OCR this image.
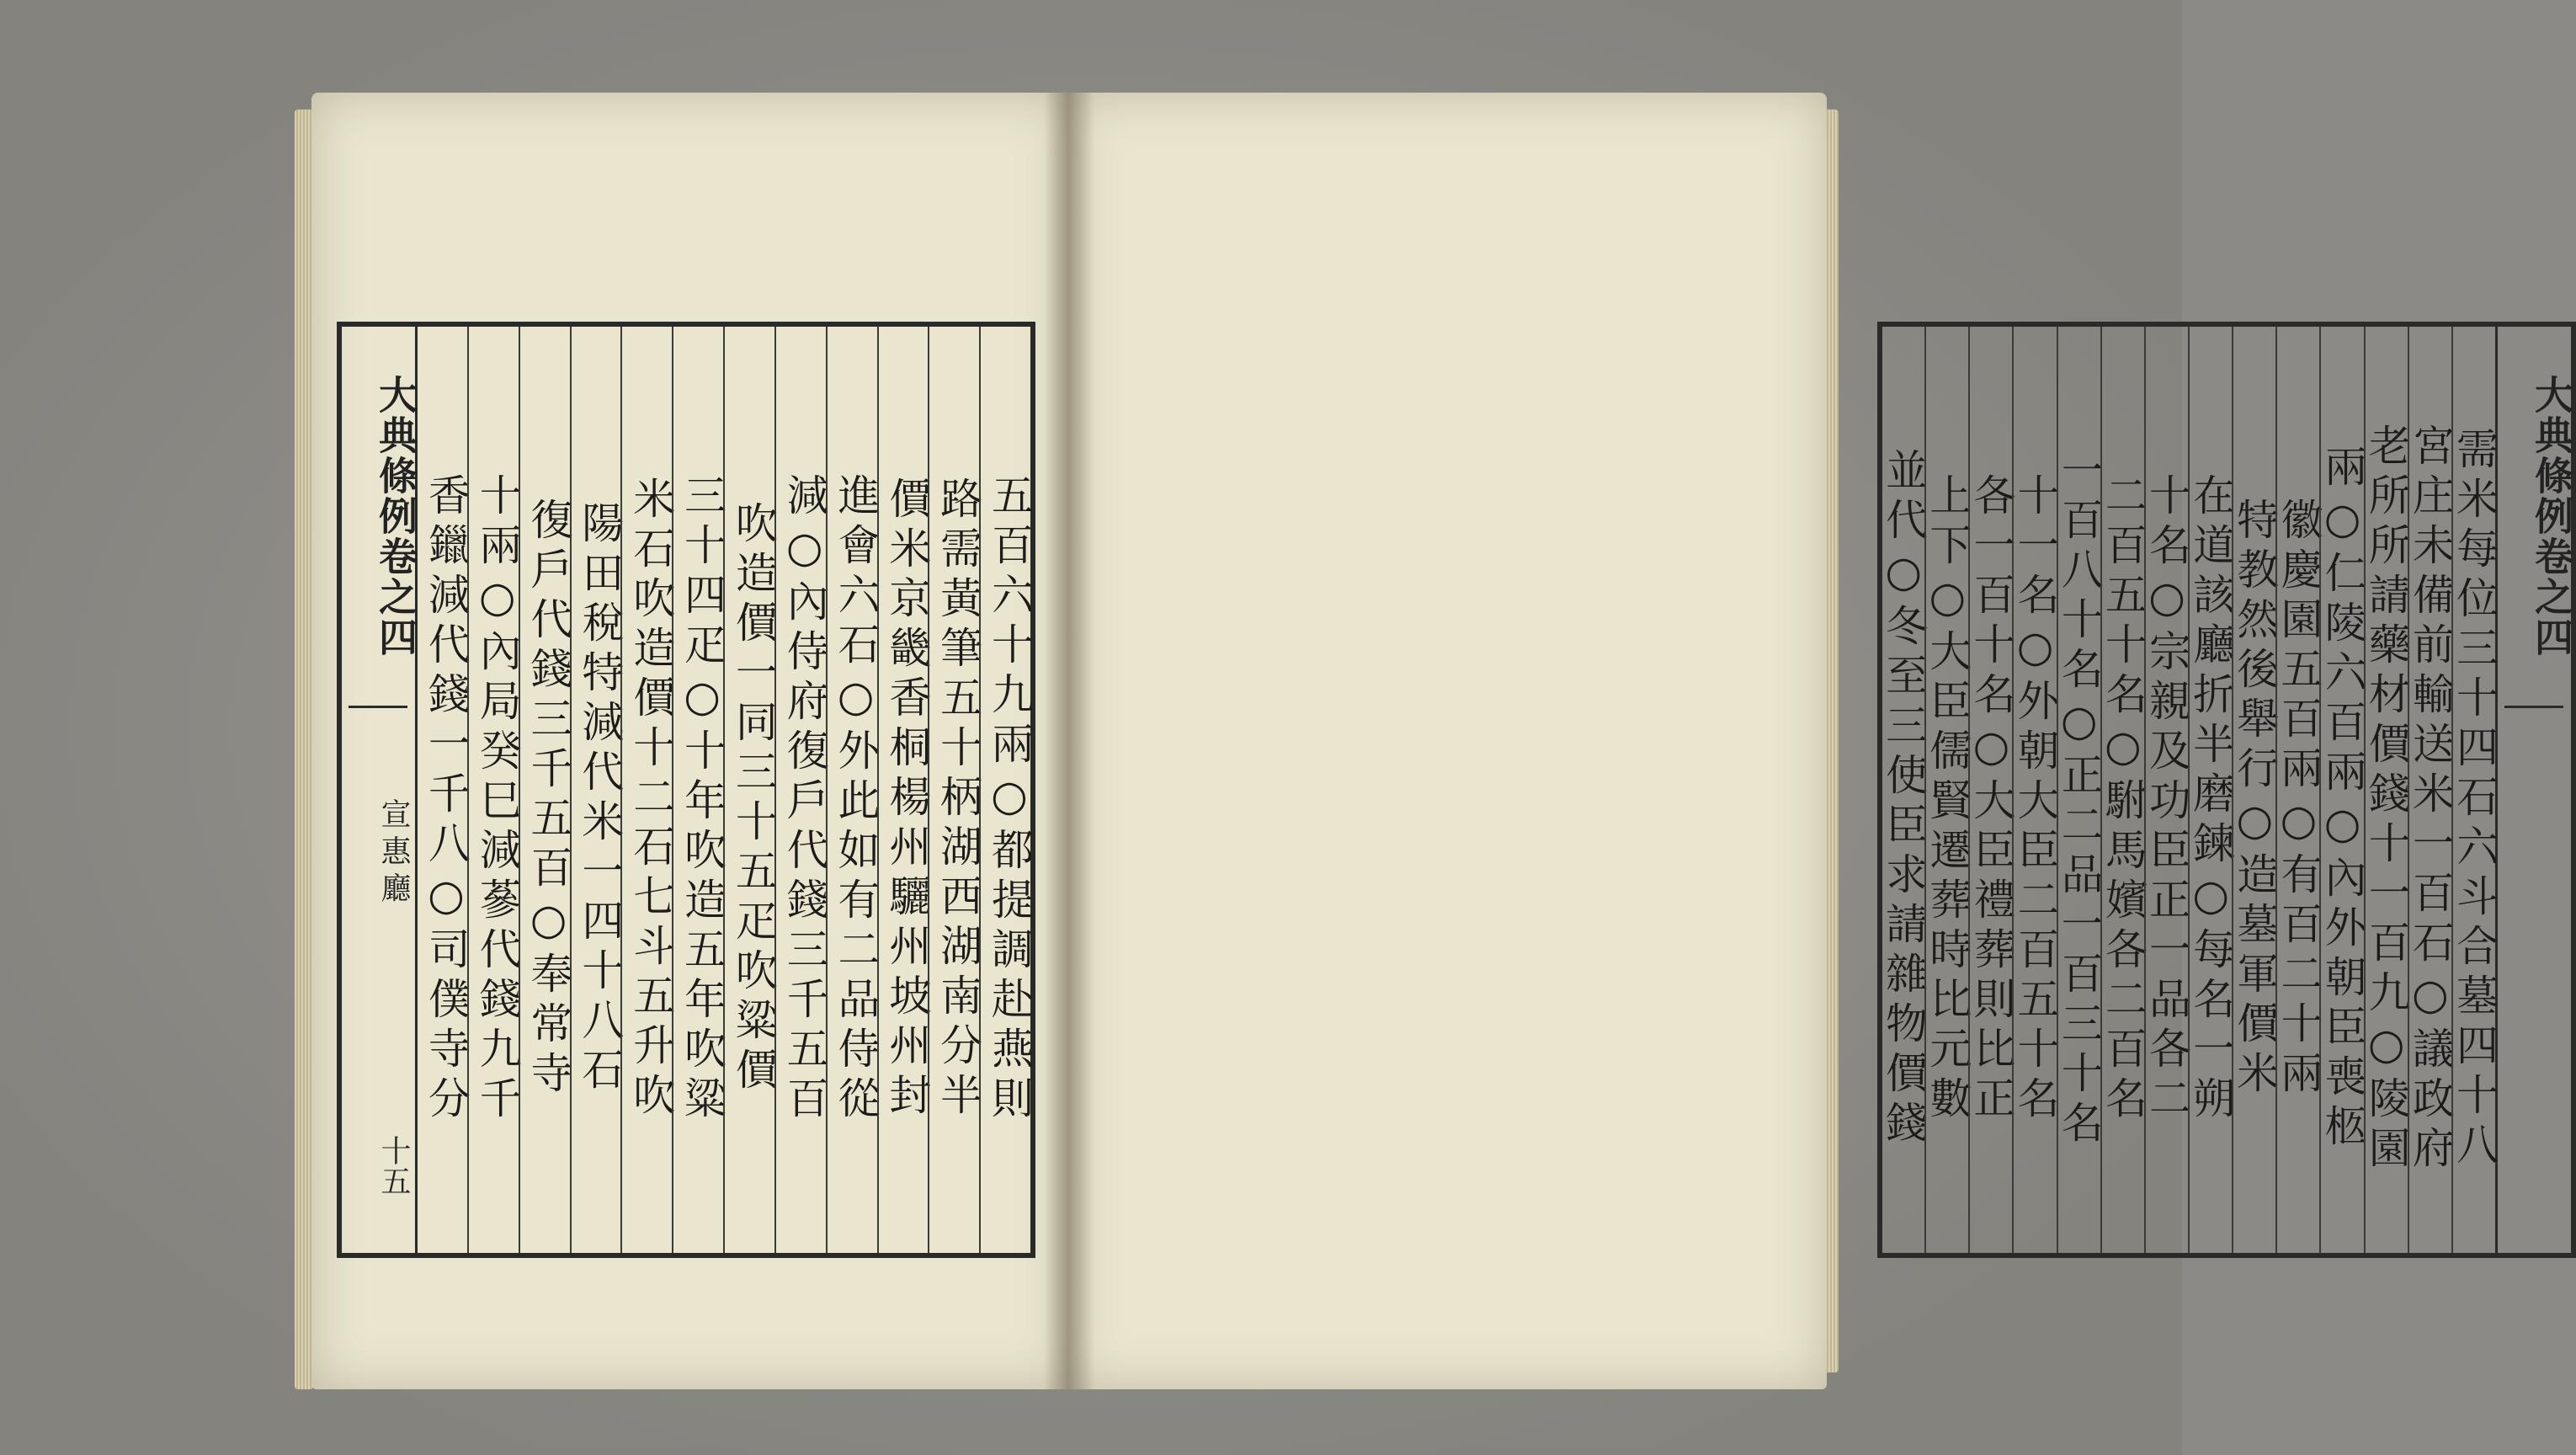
大典條例
卷之四
宣惠廳
十五
五百六十九兩○都提調赴燕則
路需黃筆五十柄湖西湖南分半
價米京畿香桐楊州驪州坡州封
進會六石○外此如有二品侍從
減○內侍府復戶代錢三千五百
吹造價一同三十五疋吹粱價
三十四疋○十年吹造五年吹粱
米石吹造價十二石七斗五升吹
陽田稅特減代米一四十八石
復戶代錢三千五百○奉常寺
十兩○內局癸巳減蔘代錢九千
香鑞減代錢一千八○司僕寺分
大典條例
卷之四
需米每位三十四石六斗合墓四十八
宮庄未備前輸送米一百石○議政府
老所所請藥材價錢十一百九○陵園
兩○仁陵六百兩○內外朝臣喪柩
徽慶園五百兩○有百二十兩
特教然後舉行○造墓軍價米
在道該廳折半磨鍊○每名一朔
十名○宗親及功臣正一品各二
二百五十名○駙馬嬪各二百名
一百八十名○正二品一百三十名
十一名○外朝大臣二百五十名
各一百十名○大臣禮葬則比正
上下○大臣儒賢遷葬時比元數
並代○冬至三使臣求請雜物價錢
